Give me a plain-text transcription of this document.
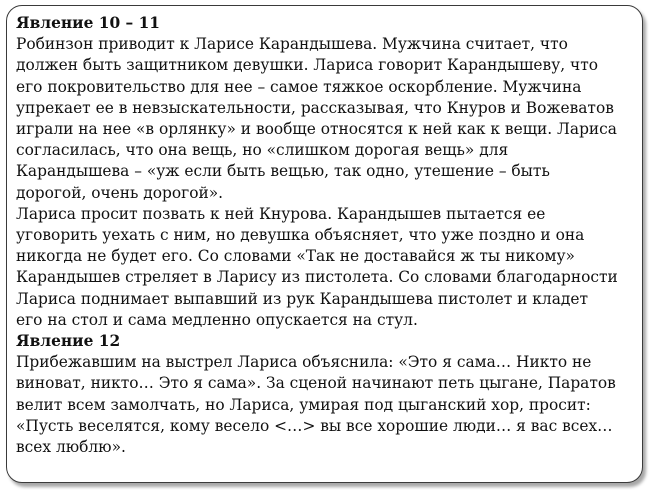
Явление 10 – 11
Робинзон приводит к Ларисе Карандышева. Мужчина считает, что
должен быть защитником девушки. Лариса говорит Карандышеву, что
его покровительство для нее – самое тяжкое оскорбление. Мужчина
упрекает ее в невзыскательности, рассказывая, что Кнуров и Вожеватов
играли на нее «в орлянку» и вообще относятся к ней как к вещи. Лариса
согласилась, что она вещь, но «слишком дорогая вещь» для
Карандышева – «уж если быть вещью, так одно, утешение – быть
дорогой, очень дорогой».
Лариса просит позвать к ней Кнурова. Карандышев пытается ее
уговорить уехать с ним, но девушка объясняет, что уже поздно и она
никогда не будет его. Со словами «Так не доставайся ж ты никому»
Карандышев стреляет в Ларису из пистолета. Со словами благодарности
Лариса поднимает выпавший из рук Карандышева пистолет и кладет
его на стол и сама медленно опускается на стул.
Явление 12
Прибежавшим на выстрел Лариса объяснила: «Это я сама… Никто не
виноват, никто… Это я сама». За сценой начинают петь цыгане, Паратов
велит всем замолчать, но Лариса, умирая под цыганский хор, просит:
«Пусть веселятся, кому весело <…> вы все хорошие люди… я вас всех…
всех люблю».
